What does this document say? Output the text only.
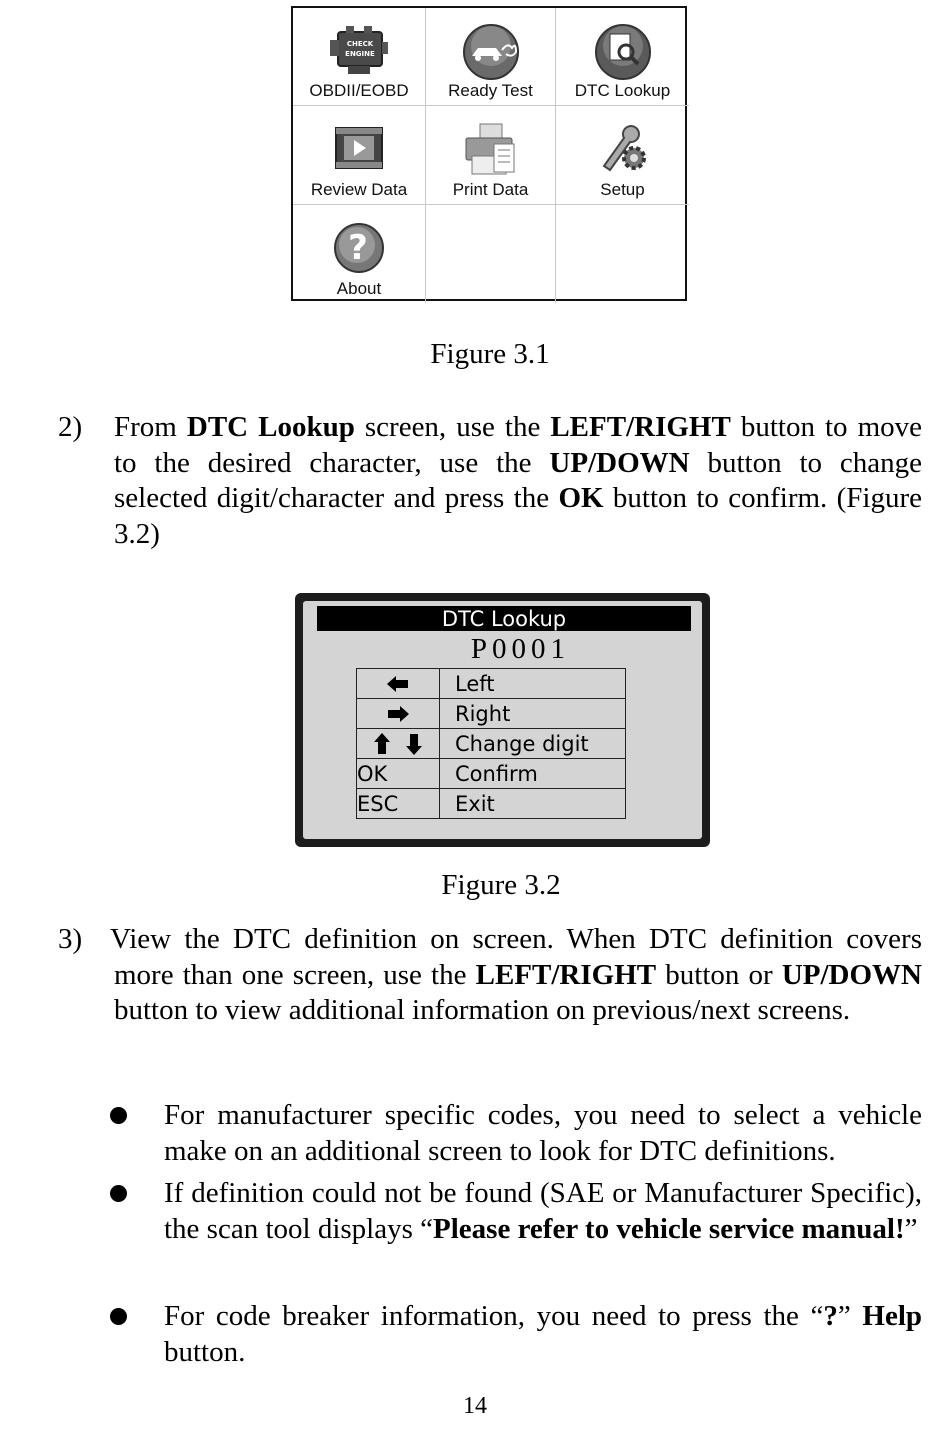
CHECK
ENGINE
OBDII/EOBD	Ready Test	DTC Lookup
Review Data	Print Data	Setup
?
About
Figure 3.1
2) From DTC Lookup screen, use the LEFT/RIGHT button to move to the desired character, use the UP/DOWN button to change selected digit/character and press the OK button to confirm. (Figure 3.2)
DTC Lookup
P0001
	Left

	Right

	Change digit
OK	Confirm
ESC	Exit
Figure 3.2
3) View the DTC definition on screen. When DTC definition covers more than one screen, use the LEFT/RIGHT button or UP/DOWN button to view additional information on previous/next screens.
For manufacturer specific codes, you need to select a vehicle make on an additional screen to look for DTC definitions.
If definition could not be found (SAE or Manufacturer Specific), the scan tool displays “Please refer to vehicle service manual!”
For code breaker information, you need to press the “?” Help button.
14
